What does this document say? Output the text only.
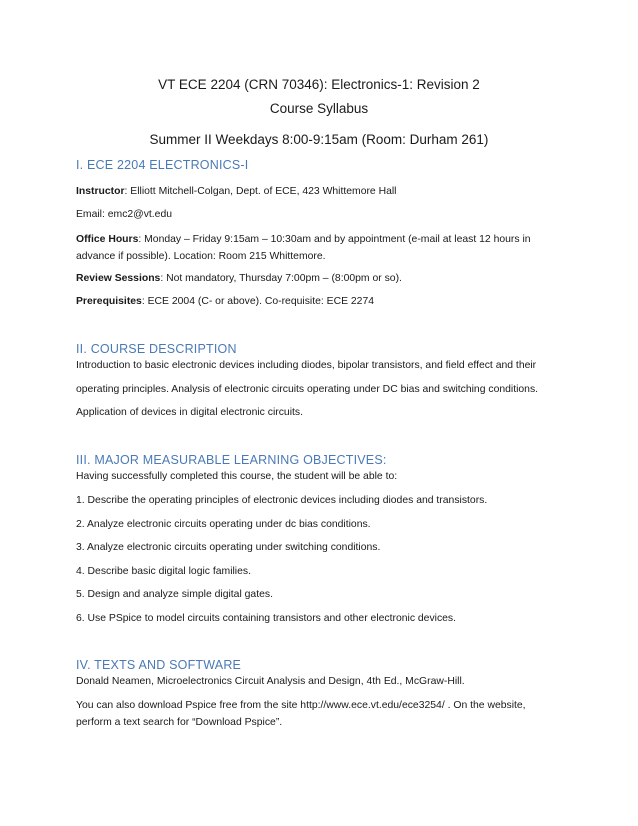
VT ECE 2204 (CRN 70346): Electronics-1: Revision 2
Course Syllabus
Summer II Weekdays 8:00-9:15am (Room: Durham 261)
I. ECE 2204 ELECTRONICS-I
Instructor: Elliott Mitchell-Colgan, Dept. of ECE, 423 Whittemore Hall
Email: emc2@vt.edu
Office Hours: Monday – Friday 9:15am – 10:30am and by appointment (e-mail at least 12 hours in advance if possible). Location: Room 215 Whittemore.
Review Sessions: Not mandatory, Thursday 7:00pm – (8:00pm or so).
Prerequisites: ECE 2004 (C- or above). Co-requisite: ECE 2274
II. COURSE DESCRIPTION
Introduction to basic electronic devices including diodes, bipolar transistors, and field effect and their
operating principles. Analysis of electronic circuits operating under DC bias and switching conditions.
Application of devices in digital electronic circuits.
III. MAJOR MEASURABLE LEARNING OBJECTIVES:
Having successfully completed this course, the student will be able to:
1. Describe the operating principles of electronic devices including diodes and transistors.
2. Analyze electronic circuits operating under dc bias conditions.
3. Analyze electronic circuits operating under switching conditions.
4. Describe basic digital logic families.
5. Design and analyze simple digital gates.
6. Use PSpice to model circuits containing transistors and other electronic devices.
IV. TEXTS AND SOFTWARE
Donald Neamen, Microelectronics Circuit Analysis and Design, 4th Ed., McGraw-Hill.
You can also download Pspice free from the site http://www.ece.vt.edu/ece3254/ . On the website, perform a text search for “Download Pspice”.
